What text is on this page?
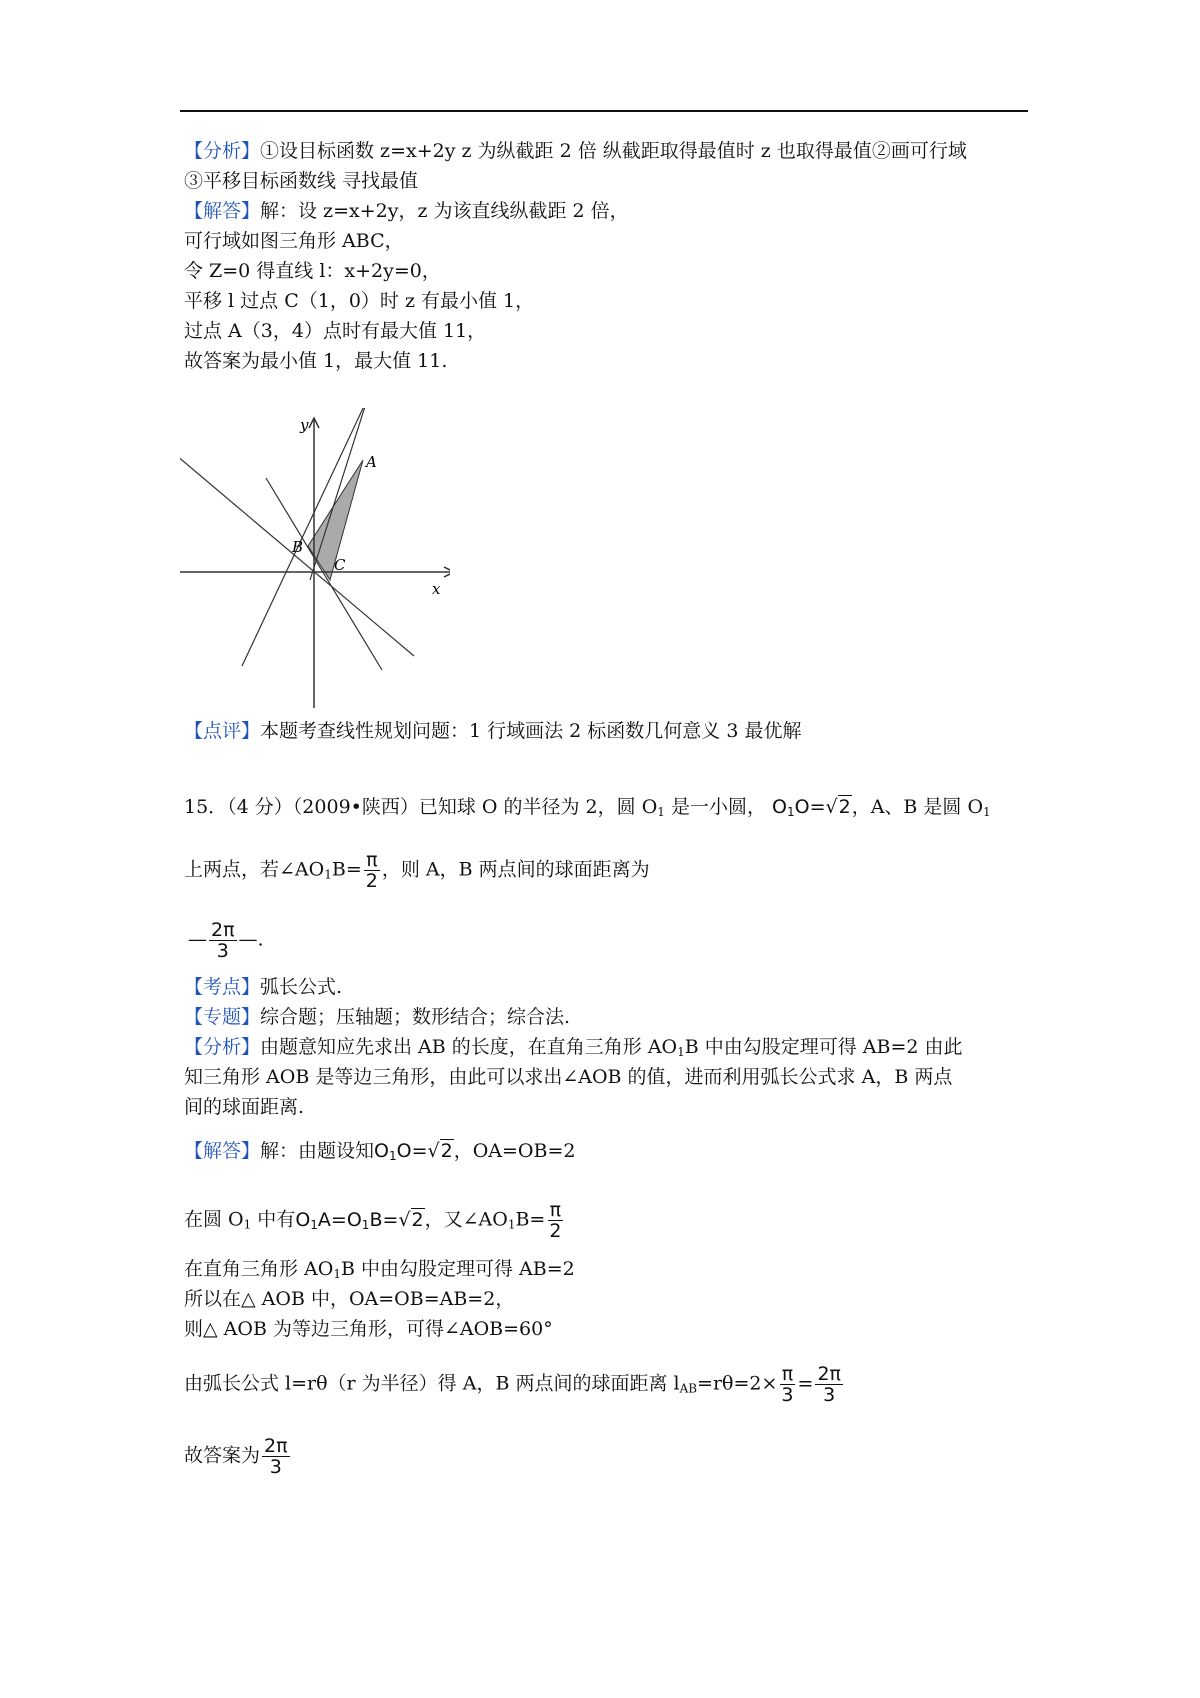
【分析】①设目标函数 z=x+2y z 为纵截距 2 倍 纵截距取得最值时 z 也取得最值②画可行域
③平移目标函数线 寻找最值
【解答】解：设 z=x+2y，z 为该直线纵截距 2 倍，
可行域如图三角形 ABC，
令 Z=0 得直线 l：x+2y=0，
平移 l 过点 C（1，0）时 z 有最小值 1，
过点 A（3，4）点时有最大值 11，
故答案为最小值 1，最大值 11.
y
x
A
B
C
【点评】本题考查线性规划问题：1 行域画法 2 标函数几何意义 3 最优解
15．（4 分）（2009•陕西）已知球 O 的半径为 2，圆 $O_1$ 是一小圆， $O_1O=√2$，A、B 是圆 $O_1$
上两点，若$\angle AO_1B= \frac{\pi}{2}$ ，则 A，B 两点间的球面距离为
— $\frac{2\pi}{3}$ —.
【考点】弧长公式.
【专题】综合题；压轴题；数形结合；综合法.
【分析】由题意知应先求出 AB 的长度，在直角三角形 $AO_1B$ 中由勾股定理可得 AB=2 由此
知三角形 AOB 是等边三角形，由此可以求出∠AOB 的值，进而利用弧长公式求 A，B 两点
间的球面距离.
【解答】解：由题设知$O_1O=√2$，OA=OB=2
在圆 $O_1$ 中有$O_1A=O_1B=√2$，又$\angle AO_1B= \frac{\pi}{2}$
在直角三角形 $AO_1B$ 中由勾股定理可得 AB=2
所以在△ AOB 中，OA=OB=AB=2，
则△ AOB 为等边三角形，可得∠AOB=60°
由弧长公式 l=rθ（r 为半径）得 A，B 两点间的球面距离 $l_{AB}=r\theta=2\times \frac{\pi}{3} = \frac{2\pi}{3}$
故答案为 $\frac{2\pi}{3}$
